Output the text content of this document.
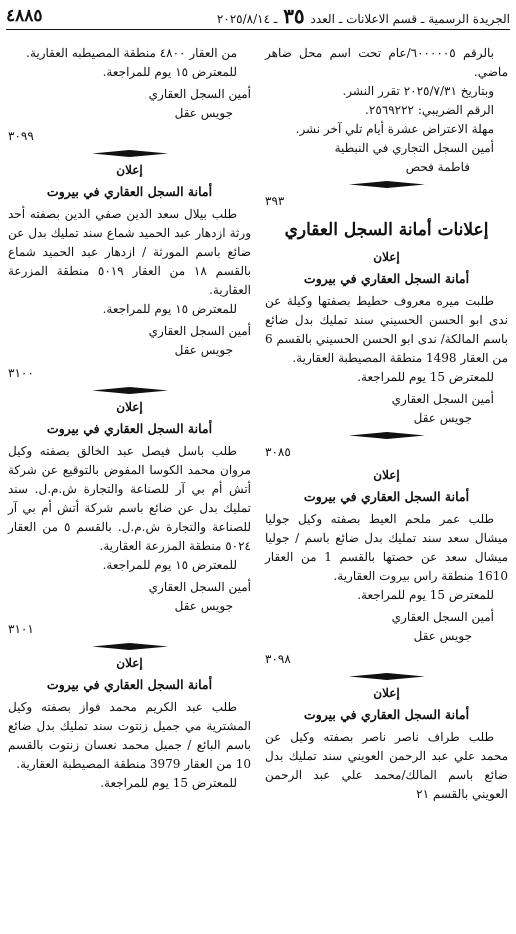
الجريدة الرسمية ـ قسم الاعلانات ـ العدد ٣٥ ـ ٢٠٢٥/٨/١٤
٤٨٨٥

بالرقم ٦٠٠٠٠٠٥/عام تحت اسم محل ضاهر ماضي.

وبتاريخ ٢٠٢٥/٧/٣١ تقرر النشر.

الرقم الضريبي: ٢٥٦٩٢٢٢.

مهلة الاعتراض عشرة أيام تلي آخر نشر.

أمين السجل التجاري في النبطية

فاطمة فحص

٣٩٣
إعلانات أمانة السجل العقاري
إعلان
أمانة السجل العقاري في بيروت

طلبت ميره معروف حطيط بصفتها وكيلة عن ندى ابو الحسن الحسيني سند تمليك بدل ضائع باسم المالكة/ ندى ابو الحسن الحسيني بالقسم 6 من العقار 1498 منطقة المصيطبة العقارية.

للمعترض 15 يوم للمراجعة.

أمين السجل العقاري

جويس عقل

٣٠٨٥
إعلان
أمانة السجل العقاري في بيروت

طلب عمر ملحم العيط بصفته وكيل جوليا ميشال سعد سند تمليك بدل ضائع باسم / جوليا ميشال سعد عن حصتها بالقسم 1 من العقار 1610 منطقة راس بيروت العقارية.

للمعترض 15 يوم للمراجعة.

أمين السجل العقاري

جويس عقل

٣٠٩٨
إعلان
أمانة السجل العقاري في بيروت

طلب طراف ناصر ناصر بصفته وكيل عن محمد علي عبد الرحمن العويني سند تمليك بدل ضائع باسم المالك/محمد علي عبد الرحمن العويني بالقسم ٢١

من العقار ٤٨٠٠ منطقة المصيطبه العقارية.

للمعترض ١٥ يوم للمراجعة.

أمين السجل العقاري

جويس عقل

٣٠٩٩
إعلان
أمانة السجل العقاري في بيروت

طلب بيلال سعد الدين صفي الدين بصفته أحد ورثة ازدهار عبد الحميد شماع سند تمليك بدل عن ضائع باسم المورثة / ازدهار عبد الحميد شماع بالقسم ١٨ من العقار ٥٠١٩ منطقة المزرعة العقارية.

للمعترض ١٥ يوم للمراجعة.

أمين السجل العقاري

جويس عقل

٣١٠٠
إعلان
أمانة السجل العقاري في بيروت

طلب باسل فيصل عبد الخالق بصفته وكيل مروان محمد الكوسا المفوض بالتوقيع عن شركة أتش أم بي آر للصناعة والتجارة ش.م.ل. سند تمليك بدل عن ضائع باسم شركة أتش أم بي آر للصناعة والتجارة ش.م.ل. بالقسم ٥ من العقار ٥٠٢٤ منطقة المزرعة العقارية.

للمعترض ١٥ يوم للمراجعة.

أمين السجل العقاري

جويس عقل

٣١٠١
إعلان
أمانة السجل العقاري في بيروت

طلب عبد الكريم محمد فواز بصفته وكيل المشترية مي جميل زنتوت سند تمليك بدل ضائع باسم البائع / جميل محمد نعسان زنتوت بالقسم 10 من العقار 3979 منطقة المصيطبة العقارية.

للمعترض 15 يوم للمراجعة.
